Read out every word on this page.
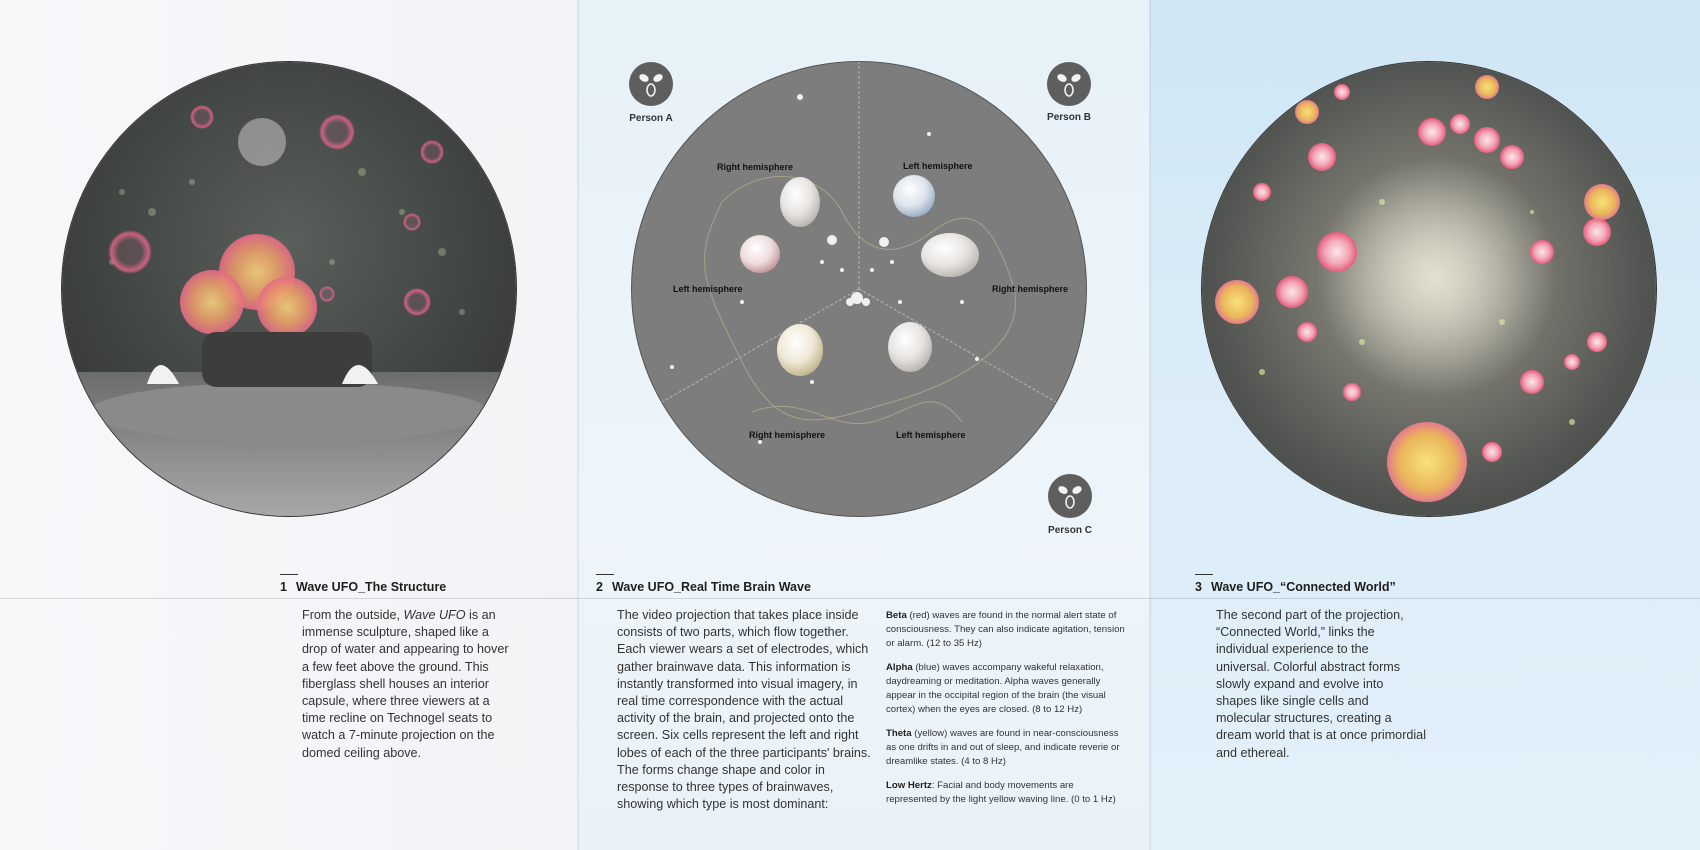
Right hemisphere
Left hemisphere
Left hemisphere
Right hemisphere
Right hemisphere	Left hemisphere
Person A	Person B
Person C
1 Wave UFO_The Structure	2 Wave UFO_Real Time Brain Wave	3 Wave UFO_“Connected World”
From the outside, Wave UFO is an immense sculpture, shaped like a drop of water and appearing to hover a few feet above the ground. This fiberglass shell houses an interior capsule, where three viewers at a time recline on Technogel seats to watch a 7-minute projection on the domed ceiling above.
The video projection that takes place inside consists of two parts, which flow together. Each viewer wears a set of electrodes, which gather brainwave data. This information is instantly transformed into visual imagery, in real time correspondence with the actual activity of the brain, and projected onto the screen. Six cells represent the left and right lobes of each of the three participants' brains. The forms change shape and color in response to three types of brainwaves, showing which type is most dominant:

Beta (red) waves are found in the normal alert state of consciousness. They can also indicate agitation, tension or alarm. (12 to 35 Hz)

Alpha (blue) waves accompany wakeful relaxation, daydreaming or meditation. Alpha waves generally appear in the occipital region of the brain (the visual cortex) when the eyes are closed. (8 to 12 Hz)

Theta (yellow) waves are found in near-consciousness as one drifts in and out of sleep, and indicate reverie or dreamlike states. (4 to 8 Hz)

Low Hertz: Facial and body movements are represented by the light yellow waving line. (0 to 1 Hz)

The second part of the projection, “Connected World,” links the individual experience to the universal. Colorful abstract forms slowly expand and evolve into shapes like single cells and molecular structures, creating a dream world that is at once primordial and ethereal.
